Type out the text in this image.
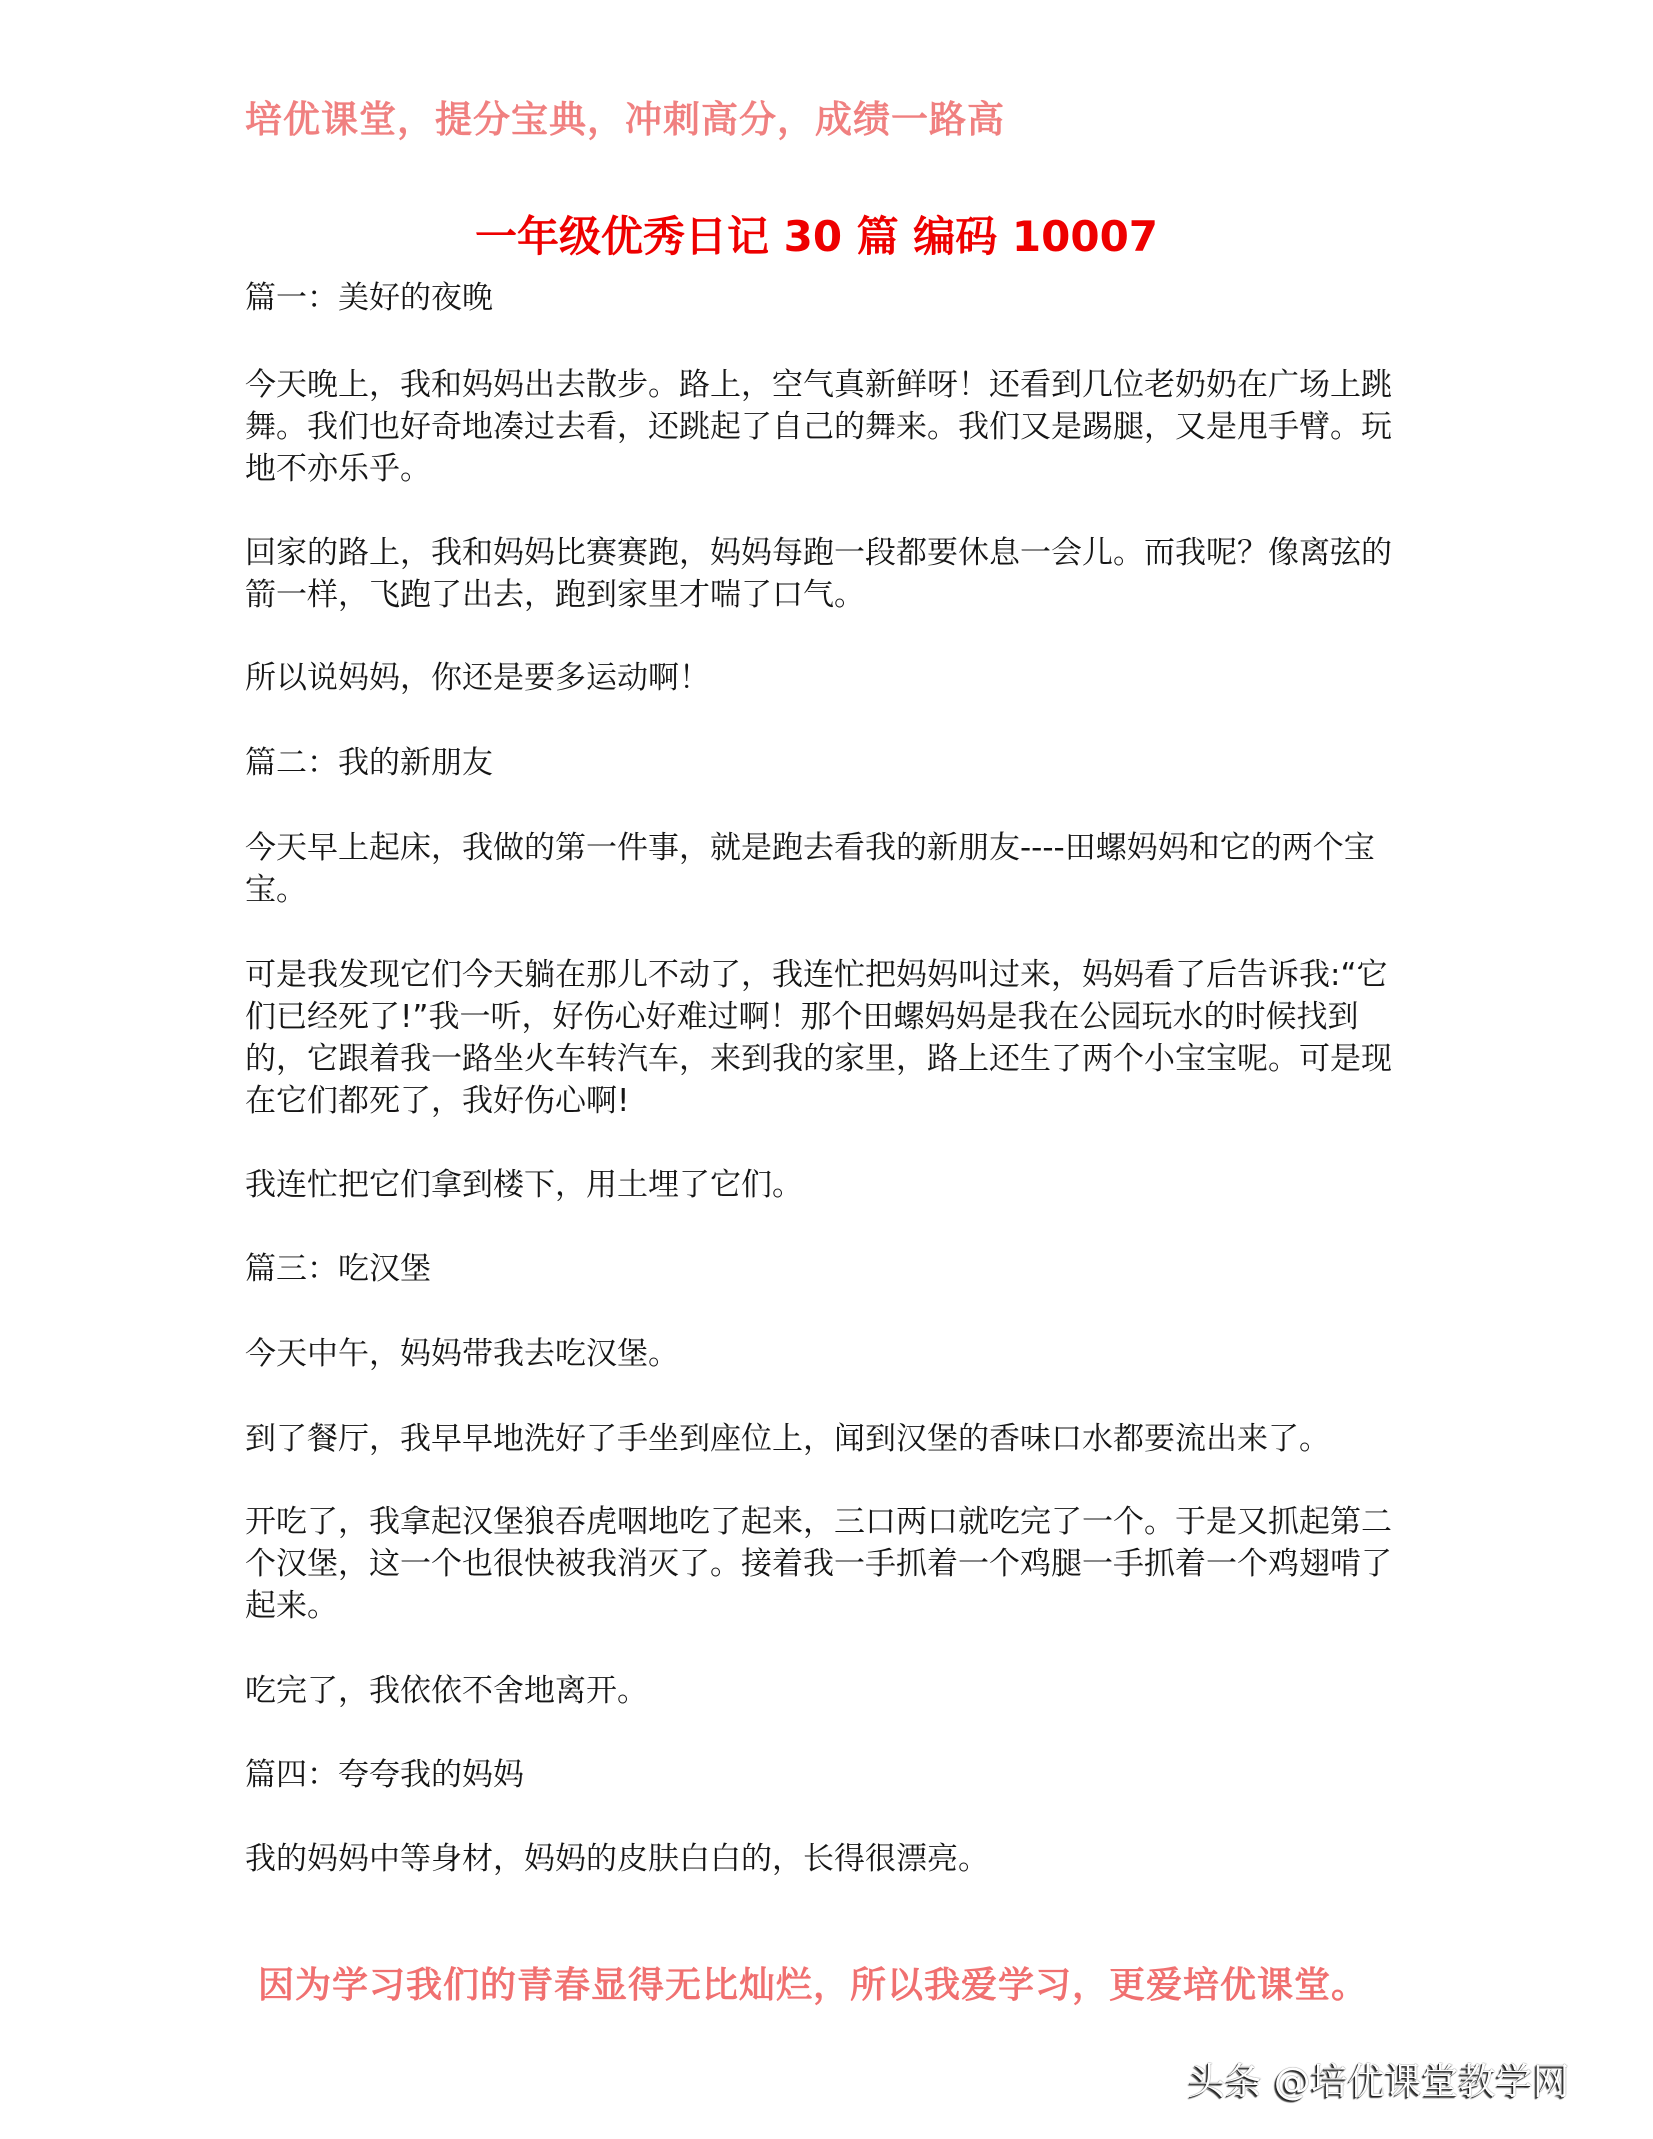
培优课堂，提分宝典，冲刺高分，成绩一路高
一年级优秀日记 30 篇 编码 10007
篇一：美好的夜晚
今天晚上，我和妈妈出去散步。路上，空气真新鲜呀！还看到几位老奶奶在广场上跳舞。我们也好奇地凑过去看，还跳起了自己的舞来。我们又是踢腿，又是甩手臂。玩地不亦乐乎。
回家的路上，我和妈妈比赛赛跑，妈妈每跑一段都要休息一会儿。而我呢？像离弦的箭一样，飞跑了出去，跑到家里才喘了口气。
所以说妈妈，你还是要多运动啊！
篇二：我的新朋友
今天早上起床，我做的第一件事，就是跑去看我的新朋友----田螺妈妈和它的两个宝宝。
可是我发现它们今天躺在那儿不动了，我连忙把妈妈叫过来，妈妈看了后告诉我:“它们已经死了!”我一听，好伤心好难过啊！那个田螺妈妈是我在公园玩水的时候找到的，它跟着我一路坐火车转汽车，来到我的家里，路上还生了两个小宝宝呢。可是现在它们都死了，我好伤心啊!
我连忙把它们拿到楼下，用土埋了它们。
篇三：吃汉堡
今天中午，妈妈带我去吃汉堡。
到了餐厅，我早早地洗好了手坐到座位上，闻到汉堡的香味口水都要流出来了。
开吃了，我拿起汉堡狼吞虎咽地吃了起来，三口两口就吃完了一个。于是又抓起第二个汉堡，这一个也很快被我消灭了。接着我一手抓着一个鸡腿一手抓着一个鸡翅啃了起来。
吃完了，我依依不舍地离开。
篇四：夸夸我的妈妈
我的妈妈中等身材，妈妈的皮肤白白的，长得很漂亮。
因为学习我们的青春显得无比灿烂，所以我爱学习，更爱培优课堂。
头条 @培优课堂教学网
